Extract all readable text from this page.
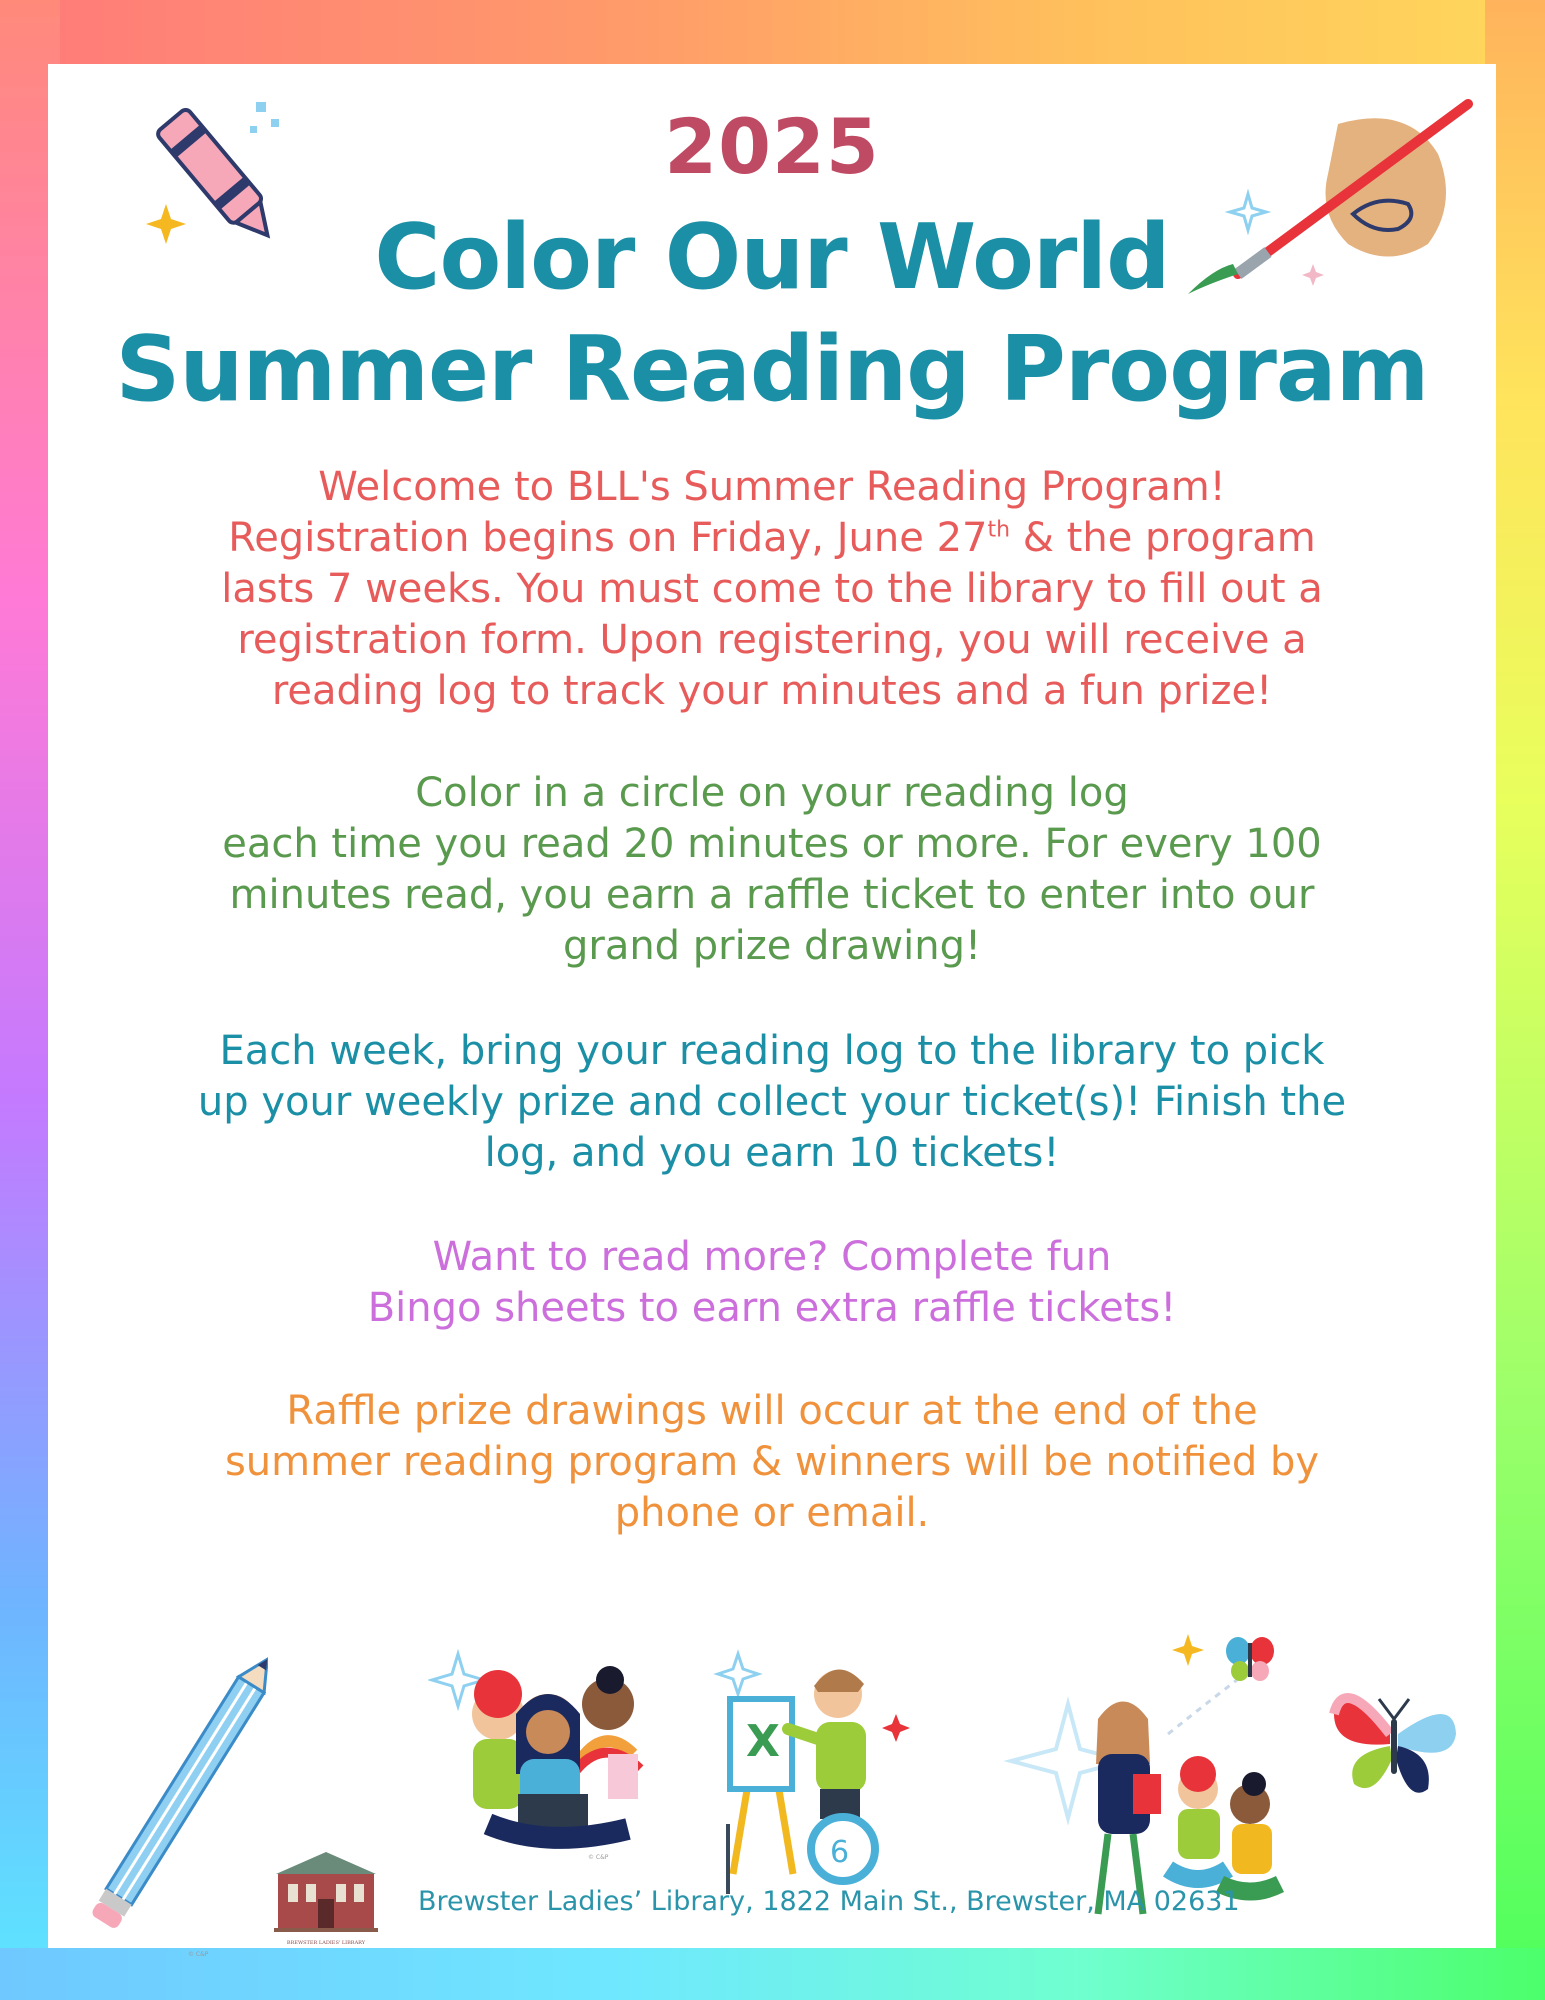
2025
Color Our World
Summer Reading Program
Welcome to BLL's Summer Reading Program!
Registration begins on Friday, June 27th & the program
lasts 7 weeks. You must come to the library to fill out a
registration form. Upon registering, you will receive a
reading log to track your minutes and a fun prize!
Color in a circle on your reading log
each time you read 20 minutes or more. For every 100
minutes read, you earn a raffle ticket to enter into our
grand prize drawing!
Each week, bring your reading log to the library to pick
up your weekly prize and collect your ticket(s)! Finish the
log, and you earn 10 tickets!
Want to read more? Complete fun
Bingo sheets to earn extra raffle tickets!
Raffle prize drawings will occur at the end of the
summer reading program & winners will be notified by
phone or email.
© C&P
© C&P
X
6
BREWSTER LADIES' LIBRARY
Brewster Ladies’ Library, 1822 Main St., Brewster, MA 02631
